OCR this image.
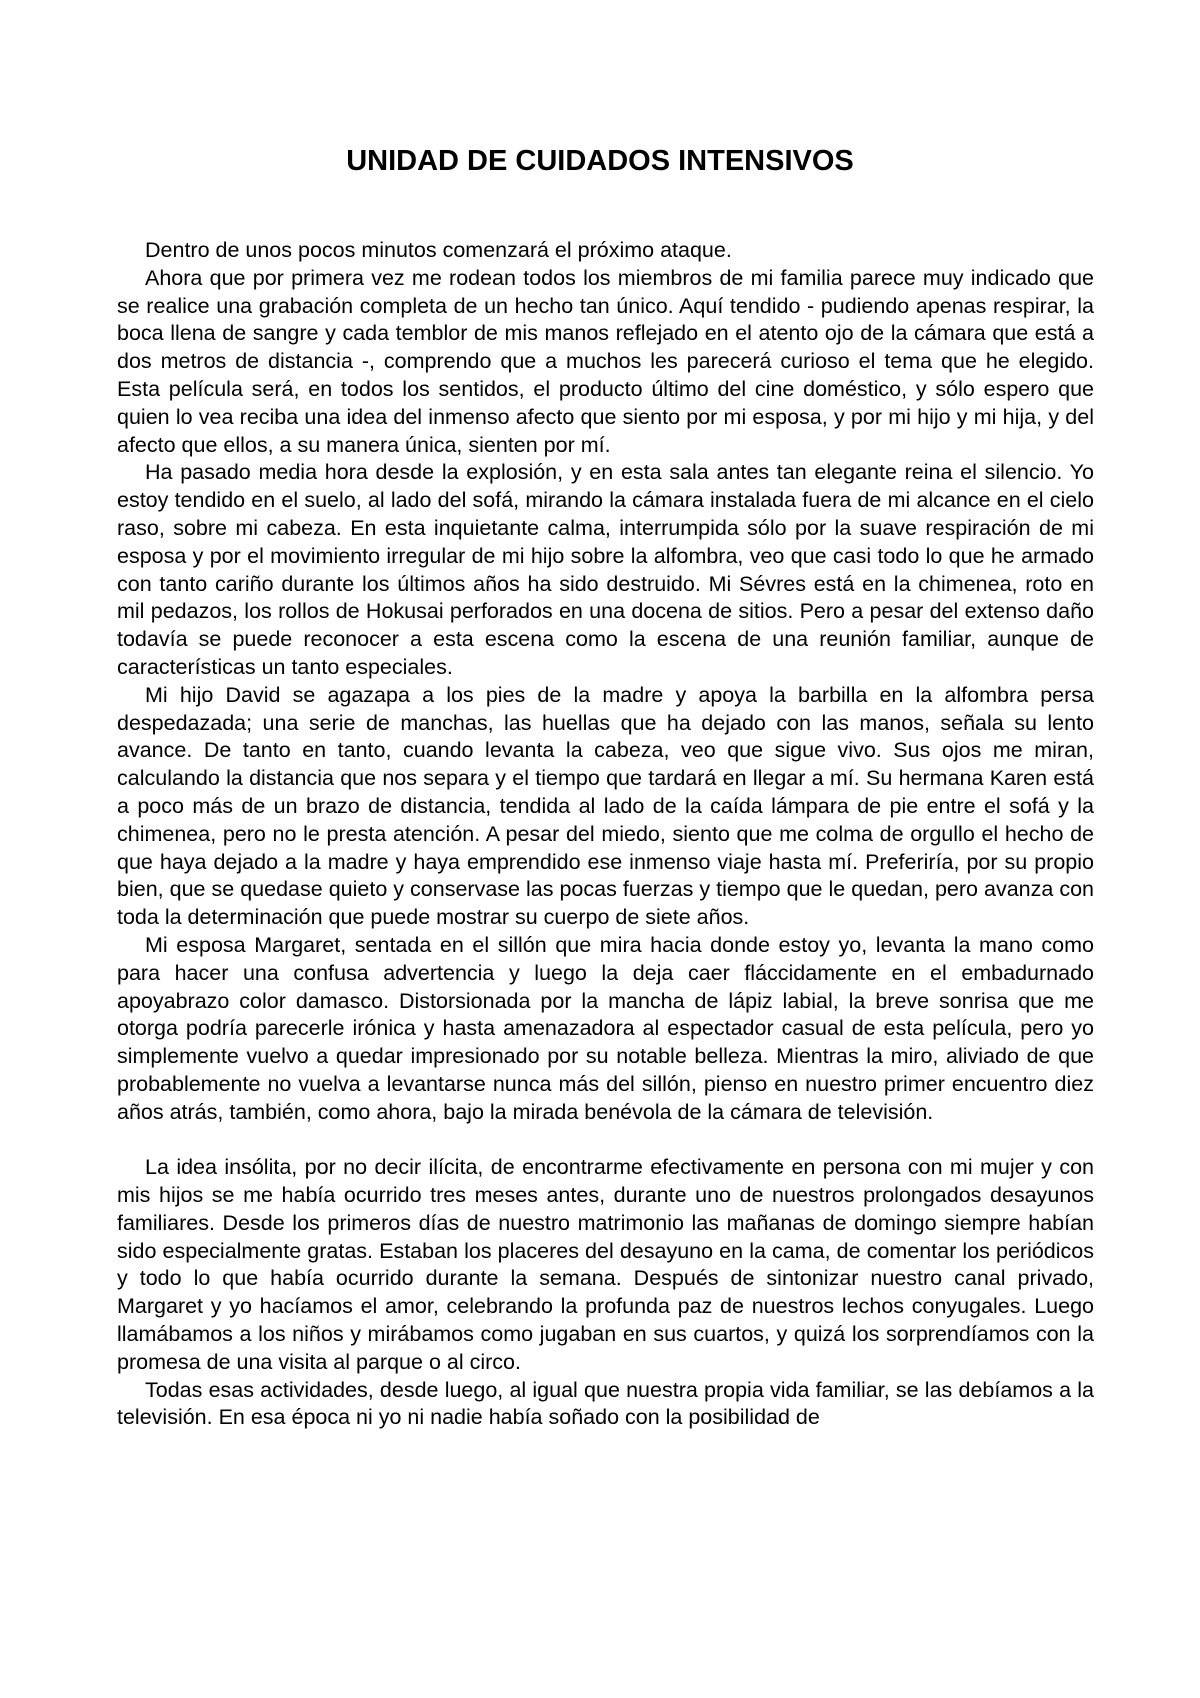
UNIDAD DE CUIDADOS INTENSIVOS

Dentro de unos pocos minutos comenzará el próximo ataque.

Ahora que por primera vez me rodean todos los miembros de mi familia parece muy indicado que se realice una grabación completa de un hecho tan único. Aquí tendido - pudiendo apenas respirar, la boca llena de sangre y cada temblor de mis manos reflejado en el atento ojo de la cámara que está a dos metros de distancia -, comprendo que a muchos les parecerá curioso el tema que he elegido. Esta película será, en todos los sentidos, el producto último del cine doméstico, y sólo espero que quien lo vea reciba una idea del inmenso afecto que siento por mi esposa, y por mi hijo y mi hija, y del afecto que ellos, a su manera única, sienten por mí.

Ha pasado media hora desde la explosión, y en esta sala antes tan elegante reina el silencio. Yo estoy tendido en el suelo, al lado del sofá, mirando la cámara instalada fuera de mi alcance en el cielo raso, sobre mi cabeza. En esta inquietante calma, interrumpida sólo por la suave respiración de mi esposa y por el movimiento irregular de mi hijo sobre la alfombra, veo que casi todo lo que he armado con tanto cariño durante los últimos años ha sido destruido. Mi Sévres está en la chimenea, roto en mil pedazos, los rollos de Hokusai perforados en una docena de sitios. Pero a pesar del extenso daño todavía se puede reconocer a esta escena como la escena de una reunión familiar, aunque de características un tanto especiales.

Mi hijo David se agazapa a los pies de la madre y apoya la barbilla en la alfombra persa despedazada; una serie de manchas, las huellas que ha dejado con las manos, señala su lento avance. De tanto en tanto, cuando levanta la cabeza, veo que sigue vivo. Sus ojos me miran, calculando la distancia que nos separa y el tiempo que tardará en llegar a mí. Su hermana Karen está a poco más de un brazo de distancia, tendida al lado de la caída lámpara de pie entre el sofá y la chimenea, pero no le presta atención. A pesar del miedo, siento que me colma de orgullo el hecho de que haya dejado a la madre y haya emprendido ese inmenso viaje hasta mí. Preferiría, por su propio bien, que se quedase quieto y conservase las pocas fuerzas y tiempo que le quedan, pero avanza con toda la determinación que puede mostrar su cuerpo de siete años.

Mi esposa Margaret, sentada en el sillón que mira hacia donde estoy yo, levanta la mano como para hacer una confusa advertencia y luego la deja caer fláccidamente en el embadurnado apoyabrazo color damasco. Distorsionada por la mancha de lápiz labial, la breve sonrisa que me otorga podría parecerle irónica y hasta amenazadora al espectador casual de esta película, pero yo simplemente vuelvo a quedar impresionado por su notable belleza. Mientras la miro, aliviado de que probablemente no vuelva a levantarse nunca más del sillón, pienso en nuestro primer encuentro diez años atrás, también, como ahora, bajo la mirada benévola de la cámara de televisión.

La idea insólita, por no decir ilícita, de encontrarme efectivamente en persona con mi mujer y con mis hijos se me había ocurrido tres meses antes, durante uno de nuestros prolongados desayunos familiares. Desde los primeros días de nuestro matrimonio las mañanas de domingo siempre habían sido especialmente gratas. Estaban los placeres del desayuno en la cama, de comentar los periódicos y todo lo que había ocurrido durante la semana. Después de sintonizar nuestro canal privado, Margaret y yo hacíamos el amor, celebrando la profunda paz de nuestros lechos conyugales. Luego llamábamos a los niños y mirábamos como jugaban en sus cuartos, y quizá los sorprendíamos con la promesa de una visita al parque o al circo.

Todas esas actividades, desde luego, al igual que nuestra propia vida familiar, se las debíamos a la televisión. En esa época ni yo ni nadie había soñado con la posibilidad de
